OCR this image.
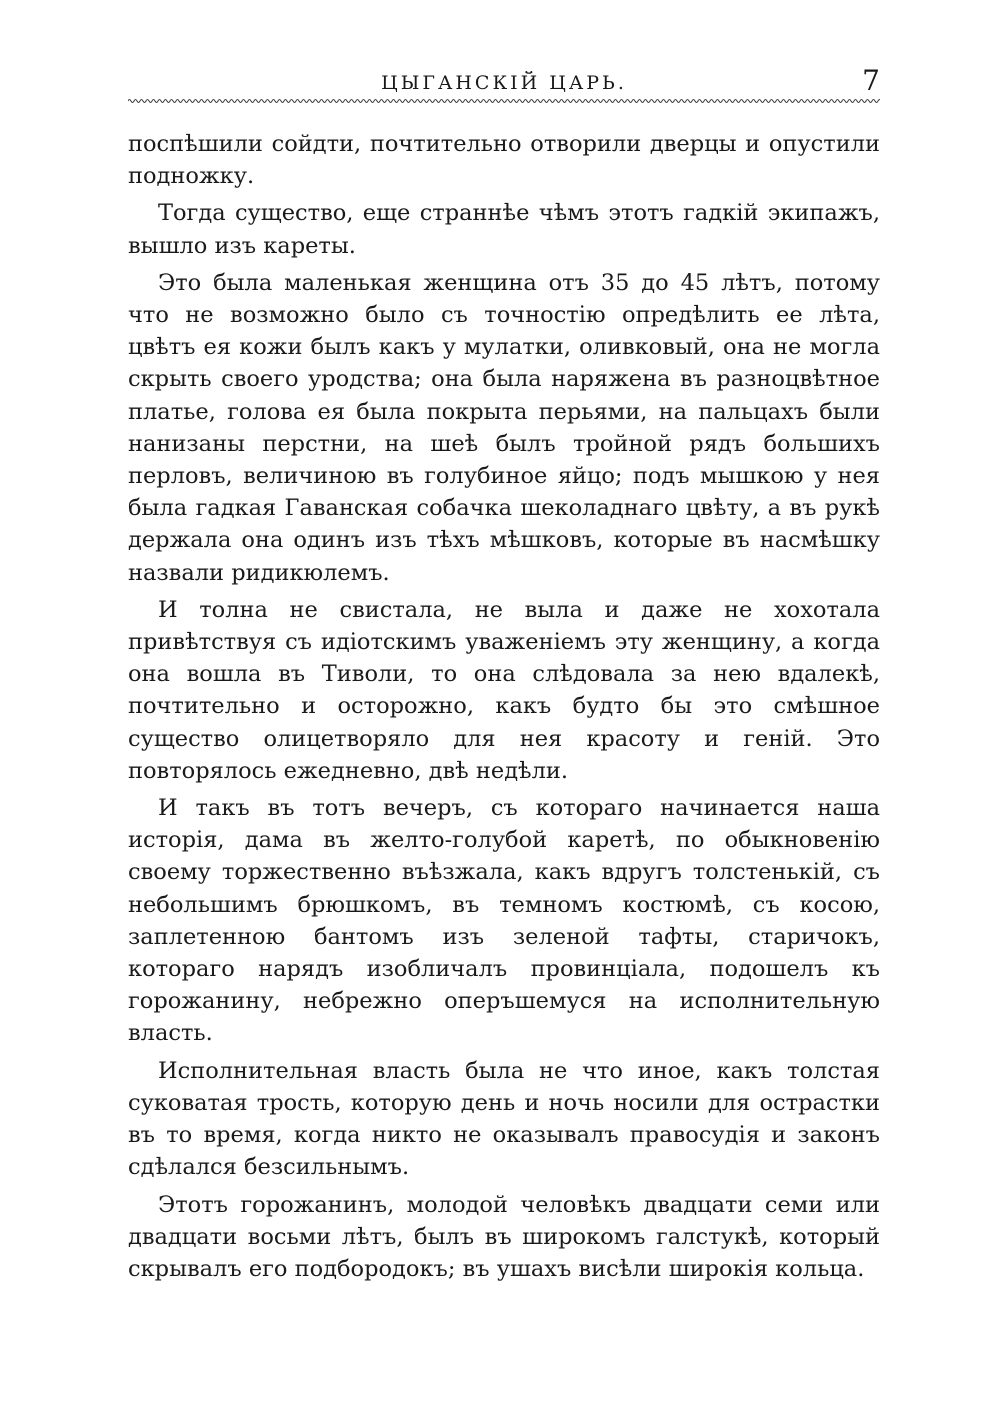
ЦЫГАНСКІЙ ЦАРЬ.	7

поспѣшили сойдти, почтительно отворили дверцы и опустили подножку.

Тогда существо, еще страннѣе чѣмъ этотъ гадкій экипажъ, вышло изъ кареты.

Это была маленькая женщина отъ 35 до 45 лѣтъ, потому что не возможно было съ точностію опредѣлить ее лѣта, цвѣтъ ея кожи былъ какъ у мулатки, оливковый, она не могла скрыть своего уродства; она была наряжена въ разноцвѣтное платье, голова ея была покрыта перьями, на пальцахъ были нанизаны перстни, на шеѣ былъ тройной рядъ большихъ перловъ, величиною въ голубиное яйцо; подъ мышкою у нея была гадкая Гаванская собачка шеколаднаго цвѣту, а въ рукѣ держала она одинъ изъ тѣхъ мѣшковъ, которые въ насмѣшку назвали ридикюлемъ.

И толна не свистала, не выла и даже не хохотала привѣтствуя съ идіотскимъ уваженіемъ эту женщину, а когда она вошла въ Тиволи, то она слѣдовала за нею вдалекѣ, почтительно и осторожно, какъ будто бы это смѣшное существо олицетворяло для нея красоту и геній. Это повторялось ежедневно, двѣ недѣли.

И такъ въ тотъ вечеръ, съ котораго начинается наша исторія, дама въ желто-голубой каретѣ, по обыкновенію своему торжественно въѣзжала, какъ вдругъ толстенькій, съ небольшимъ брюшкомъ, въ темномъ костюмѣ, съ косою, заплетенною бантомъ изъ зеленой тафты, старичокъ, котораго нарядъ изобличалъ провинціала, подошелъ къ горожанину, небрежно оперъшемуся на исполнительную власть.

Исполнительная власть была не что иное, какъ толстая суковатая трость, которую день и ночь носили для острастки въ то время, когда никто не оказывалъ правосудія и законъ сдѣлался безсильнымъ.

Этотъ горожанинъ, молодой человѣкъ двадцати семи или двадцати восьми лѣтъ, былъ въ широкомъ галстукѣ, который скрывалъ его подбородокъ; въ ушахъ висѣли широкія кольца.
